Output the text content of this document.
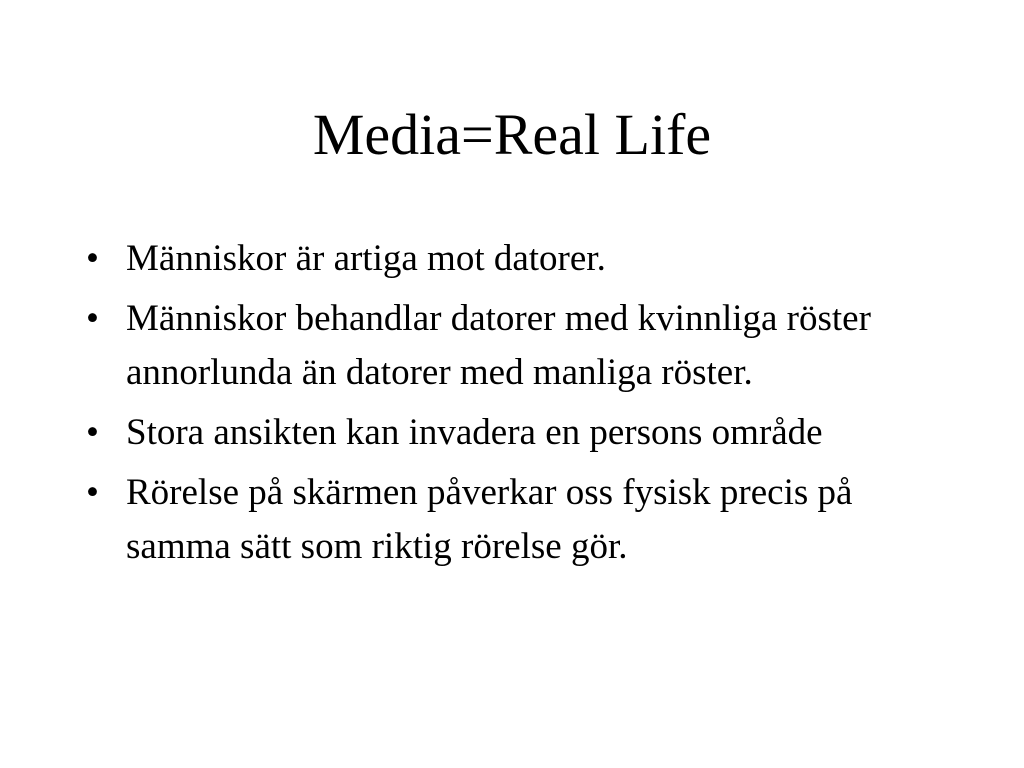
Media=Real Life
• Människor är artiga mot datorer.
• Människor behandlar datorer med kvinnliga röster annorlunda än datorer med manliga röster.
• Stora ansikten kan invadera en persons område
• Rörelse på skärmen påverkar oss fysisk precis på samma sätt som riktig rörelse gör.
